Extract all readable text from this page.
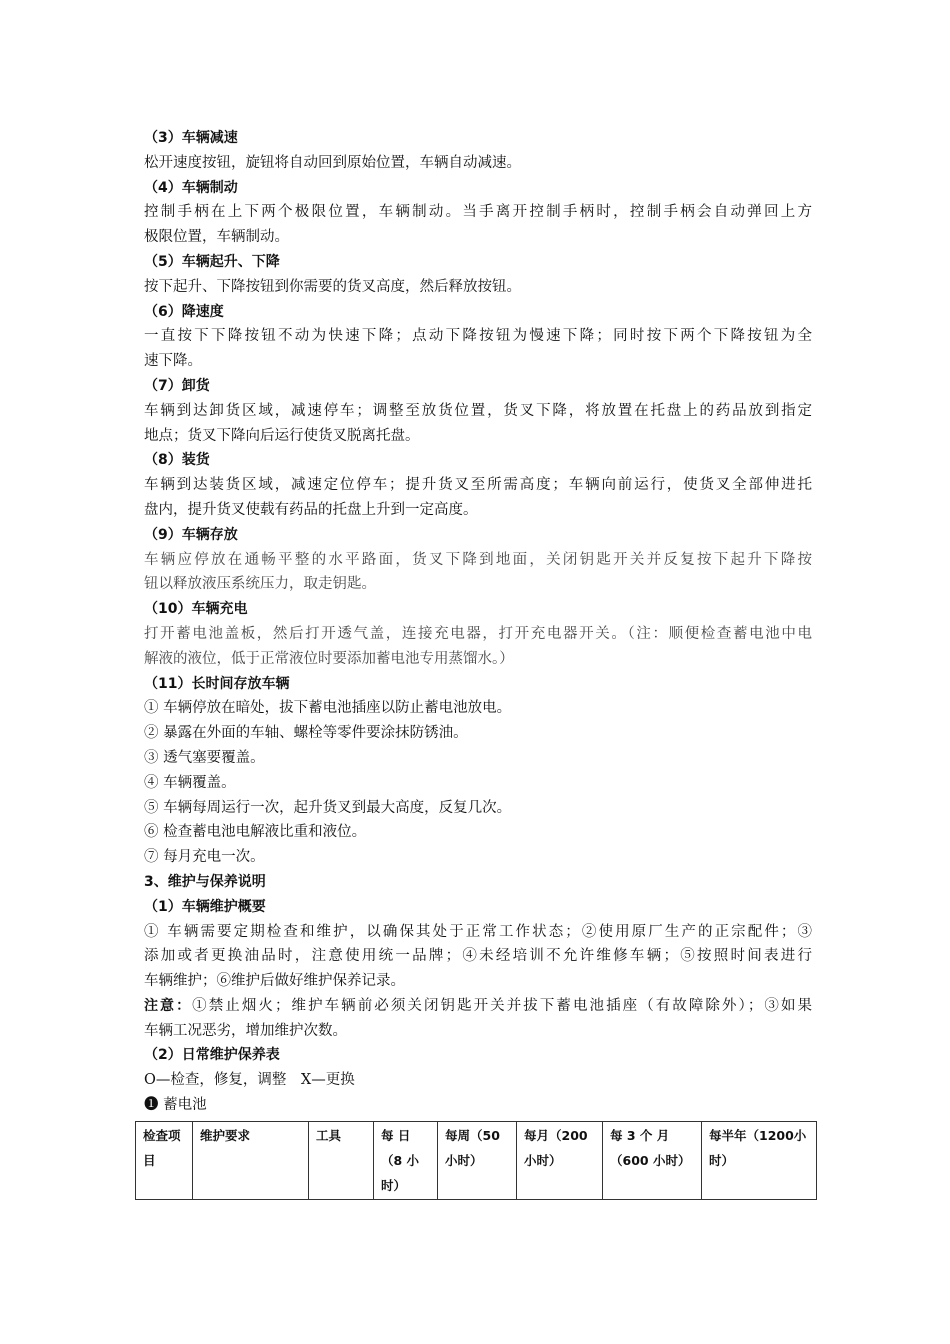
（3）车辆减速
松开速度按钮，旋钮将自动回到原始位置，车辆自动减速。
（4）车辆制动
控制手柄在上下两个极限位置，车辆制动。当手离开控制手柄时，控制手柄会自动弹回上方
极限位置，车辆制动。
（5）车辆起升、下降
按下起升、下降按钮到你需要的货叉高度，然后释放按钮。
（6）降速度
一直按下下降按钮不动为快速下降；点动下降按钮为慢速下降；同时按下两个下降按钮为全
速下降。
（7）卸货
车辆到达卸货区域，减速停车；调整至放货位置，货叉下降，将放置在托盘上的药品放到指定
地点；货叉下降向后运行使货叉脱离托盘。
（8）装货
车辆到达装货区域，减速定位停车；提升货叉至所需高度；车辆向前运行，使货叉全部伸进托
盘内，提升货叉使载有药品的托盘上升到一定高度。
（9）车辆存放
车辆应停放在通畅平整的水平路面，货叉下降到地面，关闭钥匙开关并反复按下起升下降按
钮以释放液压系统压力，取走钥匙。
（10）车辆充电
打开蓄电池盖板，然后打开透气盖，连接充电器，打开充电器开关。（注：顺便检查蓄电池中电
解液的液位，低于正常液位时要添加蓄电池专用蒸馏水。）
（11）长时间存放车辆
① 车辆停放在暗处，拔下蓄电池插座以防止蓄电池放电。
② 暴露在外面的车轴、螺栓等零件要涂抹防锈油。
③ 透气塞要覆盖。
④ 车辆覆盖。
⑤ 车辆每周运行一次，起升货叉到最大高度，反复几次。
⑥ 检查蓄电池电解液比重和液位。
⑦ 每月充电一次。
3、维护与保养说明
（1）车辆维护概要
① 车辆需要定期检查和维护，以确保其处于正常工作状态；②使用原厂生产的正宗配件；③
添加或者更换油品时，注意使用统一品牌；④未经培训不允许维修车辆；⑤按照时间表进行
车辆维护；⑥维护后做好维护保养记录。
注意：①禁止烟火；维护车辆前必须关闭钥匙开关并拔下蓄电池插座（有故障除外）；③如果
车辆工况恶劣，增加维护次数。
（2）日常维护保养表
O—检查，修复，调整　X—更换
❶ 蓄电池
检查项目	维护要求	工具	每 日（8 小时）	每周（50小时）	每月（200小时）	每 3 个 月（600 小时）	每半年（1200小时）
